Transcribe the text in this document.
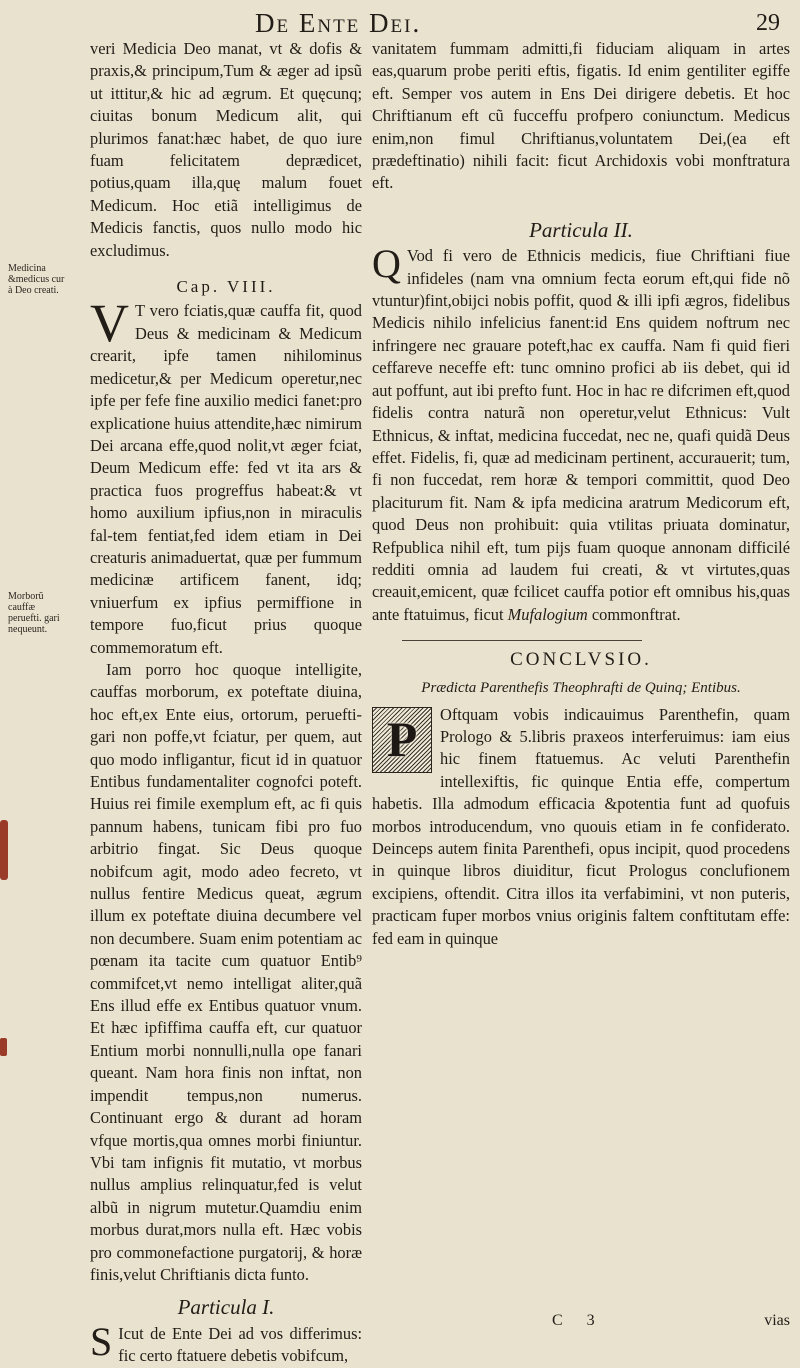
De Ente Dei.	29
Medicina &medicus cur à Deo creati.
Morborũ cauffæ peruefti. gari nequeunt.

veri Medicia Deo manat, vt & dofis & praxis,& principum,Tum & æger ad ipsũ ut ittitur,& hic ad ægrum. Et quęcunq; ciuitas bonum Medicum alit, qui plurimos fanat:hæc habet, de quo iure fuam felicitatem deprædicet, potius,quam illa,quę malum fouet Medicum. Hoc etiã intelligimus de Medicis fanctis, quos nullo modo hic excludimus.

Cap. VIII.

V T vero fciatis,quæ cauffa fit, quod Deus & medicinam & Medicum crearit, ipfe tamen nihilominus medicetur,& per Medicum operetur,nec ipfe per fefe fine auxilio medici fanet:pro explicatione huius attendite,hæc nimirum Dei arcana effe,quod nolit,vt æger fciat, Deum Medicum effe: fed vt ita ars & practica fuos progreffus habeat:& vt homo auxilium ipfius,non in miraculis fal-tem fentiat,fed idem etiam in Dei creaturis animaduertat, quæ per fummum medicinæ artificem fanent, idq; vniuerfum ex ipfius permiffione in tempore fuo,ficut prius quoque commemoratum eft.

Iam porro hoc quoque intelligite, cauffas morborum, ex poteftate diuina, hoc eft,ex Ente eius, ortorum, peruefti-gari non poffe,vt fciatur, per quem, aut quo modo infligantur, ficut id in quatuor Entibus fundamentaliter cognofci poteft. Huius rei fimile exemplum eft, ac fi quis pannum habens, tunicam fibi pro fuo arbitrio fingat. Sic Deus quoque nobifcum agit, modo adeo fecreto, vt nullus fentire Medicus queat, ægrum illum ex poteftate diuina decumbere vel non decumbere. Suam enim potentiam ac pœnam ita tacite cum quatuor Entib⁹ commifcet,vt nemo intelligat aliter,quã Ens illud effe ex Entibus quatuor vnum. Et hæc ipfiffima cauffa eft, cur quatuor Entium morbi nonnulli,nulla ope fanari queant. Nam hora finis non inftat, non impendit tempus,non numerus. Continuant ergo & durant ad horam vfque mortis,qua omnes morbi finiuntur. Vbi tam infignis fit mutatio, vt morbus nullus amplius relinquatur,fed is velut albũ in nigrum mutetur.Quamdiu enim morbus durat,mors nulla eft. Hæc vobis pro commonefactione purgatorij, & horæ finis,velut Chriftianis dicta funto.

Particula I.

S Icut de Ente Dei ad vos differimus: fic certo ftatuere debetis vobifcum,

vanitatem fummam admitti,fi fiduciam aliquam in artes eas,quarum probe periti eftis, figatis. Id enim gentiliter egiffe eft. Semper vos autem in Ens Dei dirigere debetis. Et hoc Chriftianum eft cũ fucceffu profpero coniunctum. Medicus enim,non fimul Chriftianus,voluntatem Dei,(ea eft prædeftinatio) nihili facit: ficut Archidoxis vobi monftratura eft.

Particula II.

Q Vod fi vero de Ethnicis medicis, fiue Chriftiani fiue infideles (nam vna omnium fecta eorum eft,qui fide nõ vtuntur)fint,obijci nobis poffit, quod & illi ipfi ægros, fidelibus Medicis nihilo infelicius fanent:id Ens quidem noftrum nec infringere nec grauare poteft,hac ex cauffa. Nam fi quid fieri ceffareve neceffe eft: tunc omnino profici ab iis debet, qui id aut poffunt, aut ibi prefto funt. Hoc in hac re difcrimen eft,quod fidelis contra naturã non operetur,velut Ethnicus: Vult Ethnicus, & inftat, medicina fuccedat, nec ne, quafi quidã Deus effet. Fidelis, fi, quæ ad medicinam pertinent, accurauerit; tum, fi non fuccedat, rem horæ & tempori committit, quod Deo placiturum fit. Nam & ipfa medicina aratrum Medicorum eft, quod Deus non prohibuit: quia vtilitas priuata dominatur, Refpublica nihil eft, tum pijs fuam quoque annonam difficilé redditi omnia ad laudem fui creati, & vt virtutes,quas creauit,emicent, quæ fcilicet cauffa potior eft omnibus his,quas ante ftatuimus, ficut Mufalogium commonftrat.

CONCLVSIO.
Prædicta Parenthefis Theophrafti de Quinq; Entibus.

P	Oftquam vobis indicauimus Parenthefin, quam Prologo & 5.libris praxeos interferuimus: iam eius hic finem ftatuemus. Ac veluti Parenthefin intellexiftis, fic quinque Entia effe, compertum habetis. Illa admodum efficacia &potentia funt ad quofuis morbos introducendum, vno quouis etiam in fe confiderato. Deinceps autem finita Parenthefi, opus incipit, quod procedens in quinque libros diuiditur, ficut Prologus conclufionem excipiens, oftendit. Citra illos ita verfabimini, vt non puteris, practicam fuper morbos vnius originis faltem conftitutam effe: fed eam in quinque

C 3	vias
